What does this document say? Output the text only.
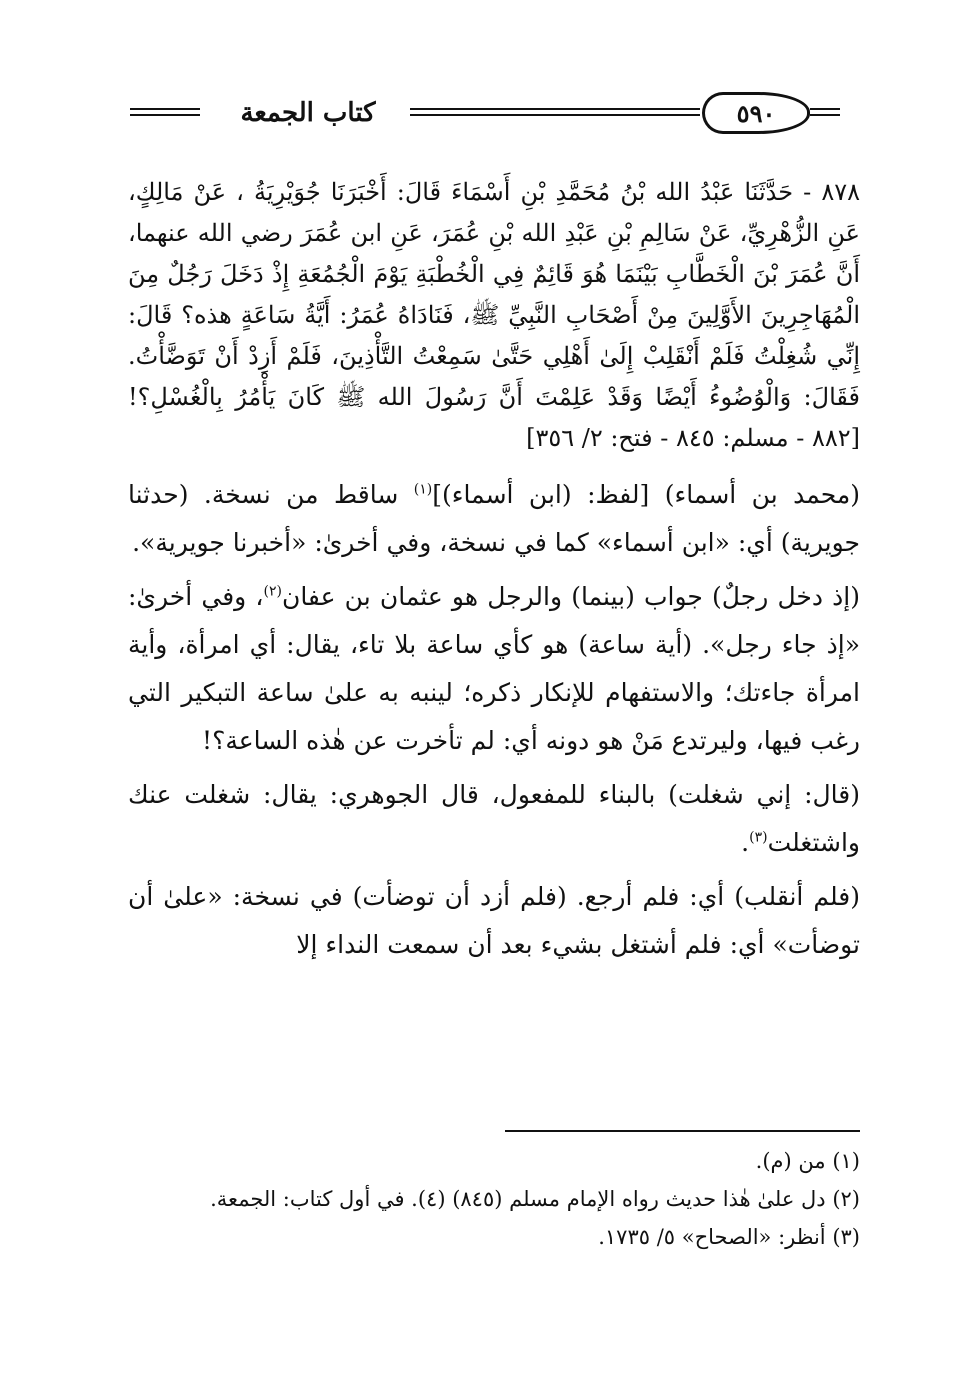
كتاب الجمعة	٥٩٠

٨٧٨ - حَدَّثَنَا عَبْدُ الله بْنُ مُحَمَّدِ بْنِ أَسْمَاءَ قَالَ: أَخْبَرَنَا جُوَيْرِيَةُ ، عَنْ مَالِكٍ، عَنِ الزُّهْرِيِّ، عَنْ سَالِمِ بْنِ عَبْدِ الله بْنِ عُمَرَ، عَنِ ابن عُمَرَ رضي الله عنهما، أَنَّ عُمَرَ بْنَ الْخَطَّابِ بَيْنَمَا هُوَ قَائِمٌ فِي الْخُطْبَةِ يَوْمَ الْجُمُعَةِ إِذْ دَخَلَ رَجُلٌ مِنَ الْمُهَاجِرِينَ الأَوَّلِينَ مِنْ أَصْحَابِ النَّبِيِّ ﷺ، فَنَادَاهُ عُمَرُ: أَيَّةُ سَاعَةٍ هذه؟ قَالَ: إِنِّي شُغِلْتُ فَلَمْ أَنْقَلِبْ إِلَىٰ أَهْلِي حَتَّىٰ سَمِعْتُ التَّأْذِينَ، فَلَمْ أَزِدْ أَنْ تَوَضَّأْتُ. فَقَالَ: وَالْوُضُوءُ أَيْضًا وَقَدْ عَلِمْتَ أَنَّ رَسُولَ الله ﷺ كَانَ يَأْمُرُ بِالْغُسْلِ؟! [٨٨٢ - مسلم: ٨٤٥ - فتح: ٢/ ٣٥٦]

(محمد بن أسماء) [لفظ: (ابن أسماء)]$^{(١)}$ ساقط من نسخة. (حدثنا جويرية) أي: «ابن أسماء» كما في نسخة، وفي أخرىٰ: «أخبرنا جويرية».

(إذ دخل رجلٌ) جواب (بينما) والرجل هو عثمان بن عفان$^{(٢)}$، وفي أخرىٰ: «إذ جاء رجل». (أية ساعة) هو كأي ساعة بلا تاء، يقال: أي امرأة، وأية امرأة جاءتك؛ والاستفهام للإنكار ذكره؛ لينبه به علىٰ ساعة التبكير التي رغب فيها، وليرتدع مَنْ هو دونه أي: لم تأخرت عن هٰذه الساعة؟!

(قال: إني شغلت) بالبناء للمفعول، قال الجوهري: يقال: شغلت عنك واشتغلت$^{(٣)}$.

(فلم أنقلب) أي: فلم أرجع. (فلم أزد أن توضأت) في نسخة: «علىٰ أن توضأت» أي: فلم أشتغل بشيء بعد أن سمعت النداء إلا

(١) من (م).
(٢) دل علىٰ هٰذا حديث رواه الإمام مسلم (٨٤٥) (٤). في أول كتاب: الجمعة.
(٣) أنظر: «الصحاح» ٥/ ١٧٣٥.
